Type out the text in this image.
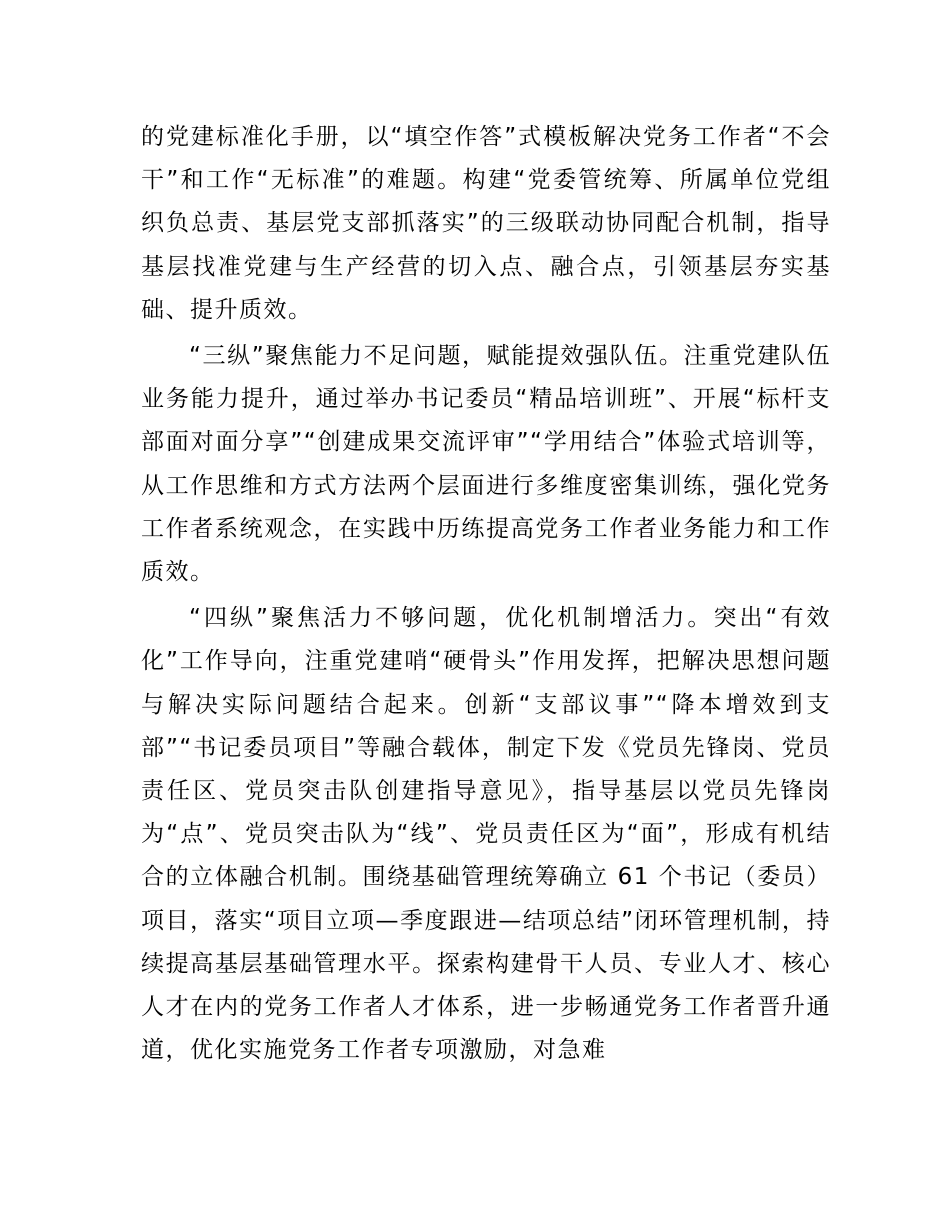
的党建标准化手册，以“填空作答”式模板解决党务工作者“不会干”和工作“无标准”的难题。构建“党委管统筹、所属单位党组织负总责、基层党支部抓落实”的三级联动协同配合机制，指导基层找准党建与生产经营的切入点、融合点，引领基层夯实基础、提升质效。

“三纵”聚焦能力不足问题，赋能提效强队伍。注重党建队伍业务能力提升，通过举办书记委员“精品培训班”、开展“标杆支部面对面分享”“创建成果交流评审”“学用结合”体验式培训等，从工作思维和方式方法两个层面进行多维度密集训练，强化党务工作者系统观念，在实践中历练提高党务工作者业务能力和工作质效。

“四纵”聚焦活力不够问题，优化机制增活力。突出“有效化”工作导向，注重党建哨“硬骨头”作用发挥，把解决思想问题与解决实际问题结合起来。创新“支部议事”“降本增效到支部”“书记委员项目”等融合载体，制定下发《党员先锋岗、党员责任区、党员突击队创建指导意见》，指导基层以党员先锋岗为“点”、党员突击队为“线”、党员责任区为“面”，形成有机结合的立体融合机制。围绕基础管理统筹确立 61 个书记（委员）项目，落实“项目立项—季度跟进—结项总结”闭环管理机制，持续提高基层基础管理水平。探索构建骨干人员、专业人才、核心人才在内的党务工作者人才体系，进一步畅通党务工作者晋升通道，优化实施党务工作者专项激励，对急难
